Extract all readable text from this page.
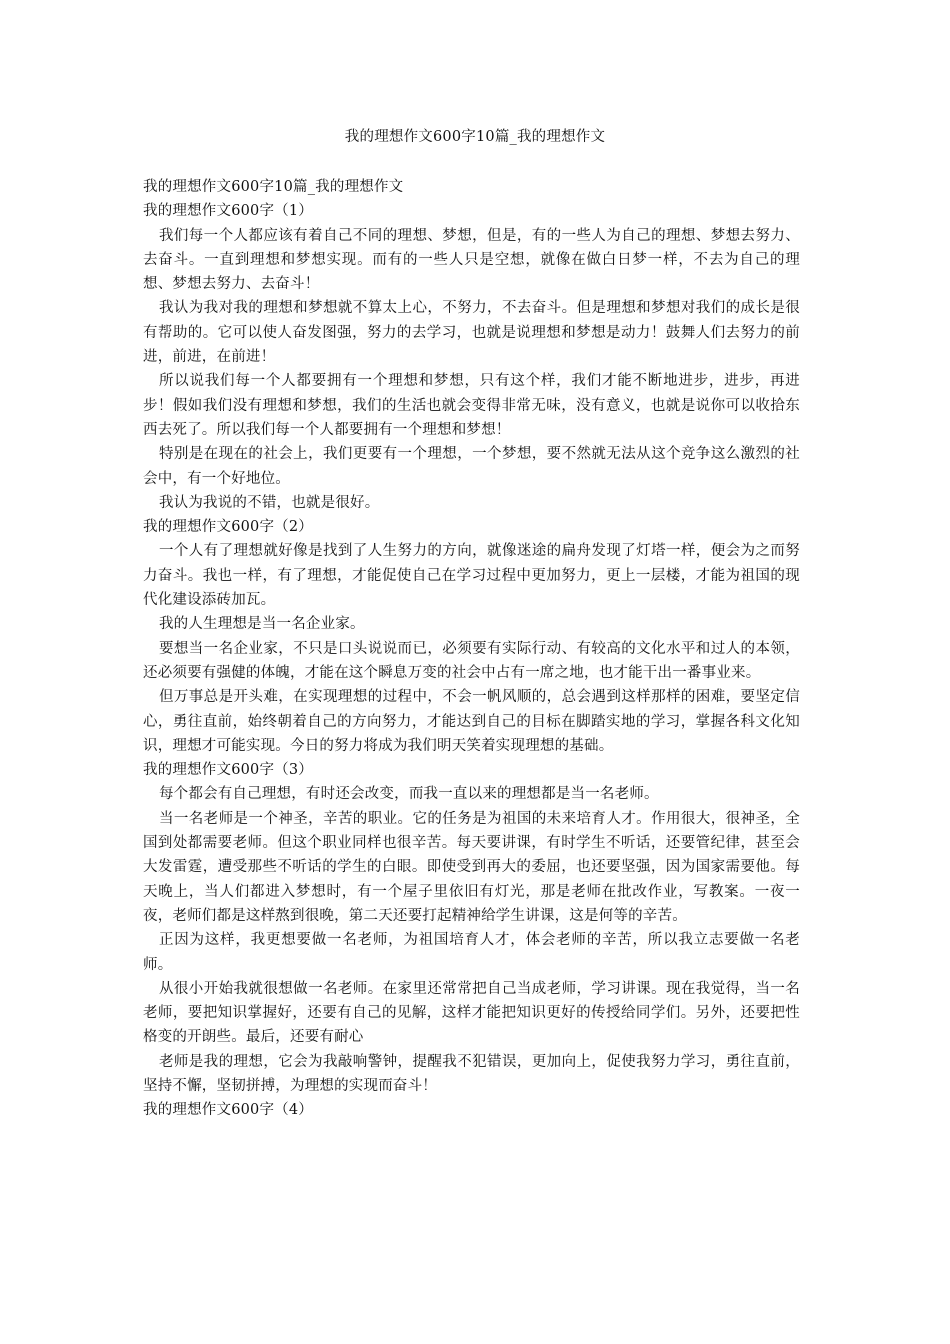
我的理想作文600字10篇_我的理想作文

我的理想作文600字10篇_我的理想作文

我的理想作文600字（1）

我们每一个人都应该有着自己不同的理想、梦想，但是，有的一些人为自己的理想、梦想去努力、去奋斗。一直到理想和梦想实现。而有的一些人只是空想，就像在做白日梦一样，不去为自己的理想、梦想去努力、去奋斗！

我认为我对我的理想和梦想就不算太上心，不努力，不去奋斗。但是理想和梦想对我们的成长是很有帮助的。它可以使人奋发图强，努力的去学习，也就是说理想和梦想是动力！鼓舞人们去努力的前进，前进，在前进！

所以说我们每一个人都要拥有一个理想和梦想，只有这个样，我们才能不断地进步，进步，再进步！假如我们没有理想和梦想，我们的生活也就会变得非常无味，没有意义，也就是说你可以收拾东西去死了。所以我们每一个人都要拥有一个理想和梦想！

特别是在现在的社会上，我们更要有一个理想，一个梦想，要不然就无法从这个竞争这么激烈的社会中，有一个好地位。

我认为我说的不错，也就是很好。

我的理想作文600字（2）

一个人有了理想就好像是找到了人生努力的方向，就像迷途的扁舟发现了灯塔一样，便会为之而努力奋斗。我也一样，有了理想，才能促使自己在学习过程中更加努力，更上一层楼，才能为祖国的现代化建设添砖加瓦。

我的人生理想是当一名企业家。

要想当一名企业家，不只是口头说说而已，必须要有实际行动、有较高的文化水平和过人的本领，还必须要有强健的体魄，才能在这个瞬息万变的社会中占有一席之地，也才能干出一番事业来。

但万事总是开头难，在实现理想的过程中，不会一帆风顺的，总会遇到这样那样的困难，要坚定信心，勇往直前，始终朝着自己的方向努力，才能达到自己的目标在脚踏实地的学习，掌握各科文化知识，理想才可能实现。今日的努力将成为我们明天笑着实现理想的基础。

我的理想作文600字（3）

每个都会有自己理想，有时还会改变，而我一直以来的理想都是当一名老师。

当一名老师是一个神圣，辛苦的职业。它的任务是为祖国的未来培育人才。作用很大，很神圣，全国到处都需要老师。但这个职业同样也很辛苦。每天要讲课，有时学生不听话，还要管纪律，甚至会大发雷霆，遭受那些不听话的学生的白眼。即使受到再大的委屈，也还要坚强，因为国家需要他。每天晚上，当人们都进入梦想时，有一个屋子里依旧有灯光，那是老师在批改作业，写教案。一夜一夜，老师们都是这样熬到很晚，第二天还要打起精神给学生讲课，这是何等的辛苦。

正因为这样，我更想要做一名老师，为祖国培育人才，体会老师的辛苦，所以我立志要做一名老师。

从很小开始我就很想做一名老师。在家里还常常把自己当成老师，学习讲课。现在我觉得，当一名老师，要把知识掌握好，还要有自己的见解，这样才能把知识更好的传授给同学们。另外，还要把性格变的开朗些。最后，还要有耐心

老师是我的理想，它会为我敲响警钟，提醒我不犯错误，更加向上，促使我努力学习，勇往直前，坚持不懈，坚韧拼搏，为理想的实现而奋斗！

我的理想作文600字（4）
